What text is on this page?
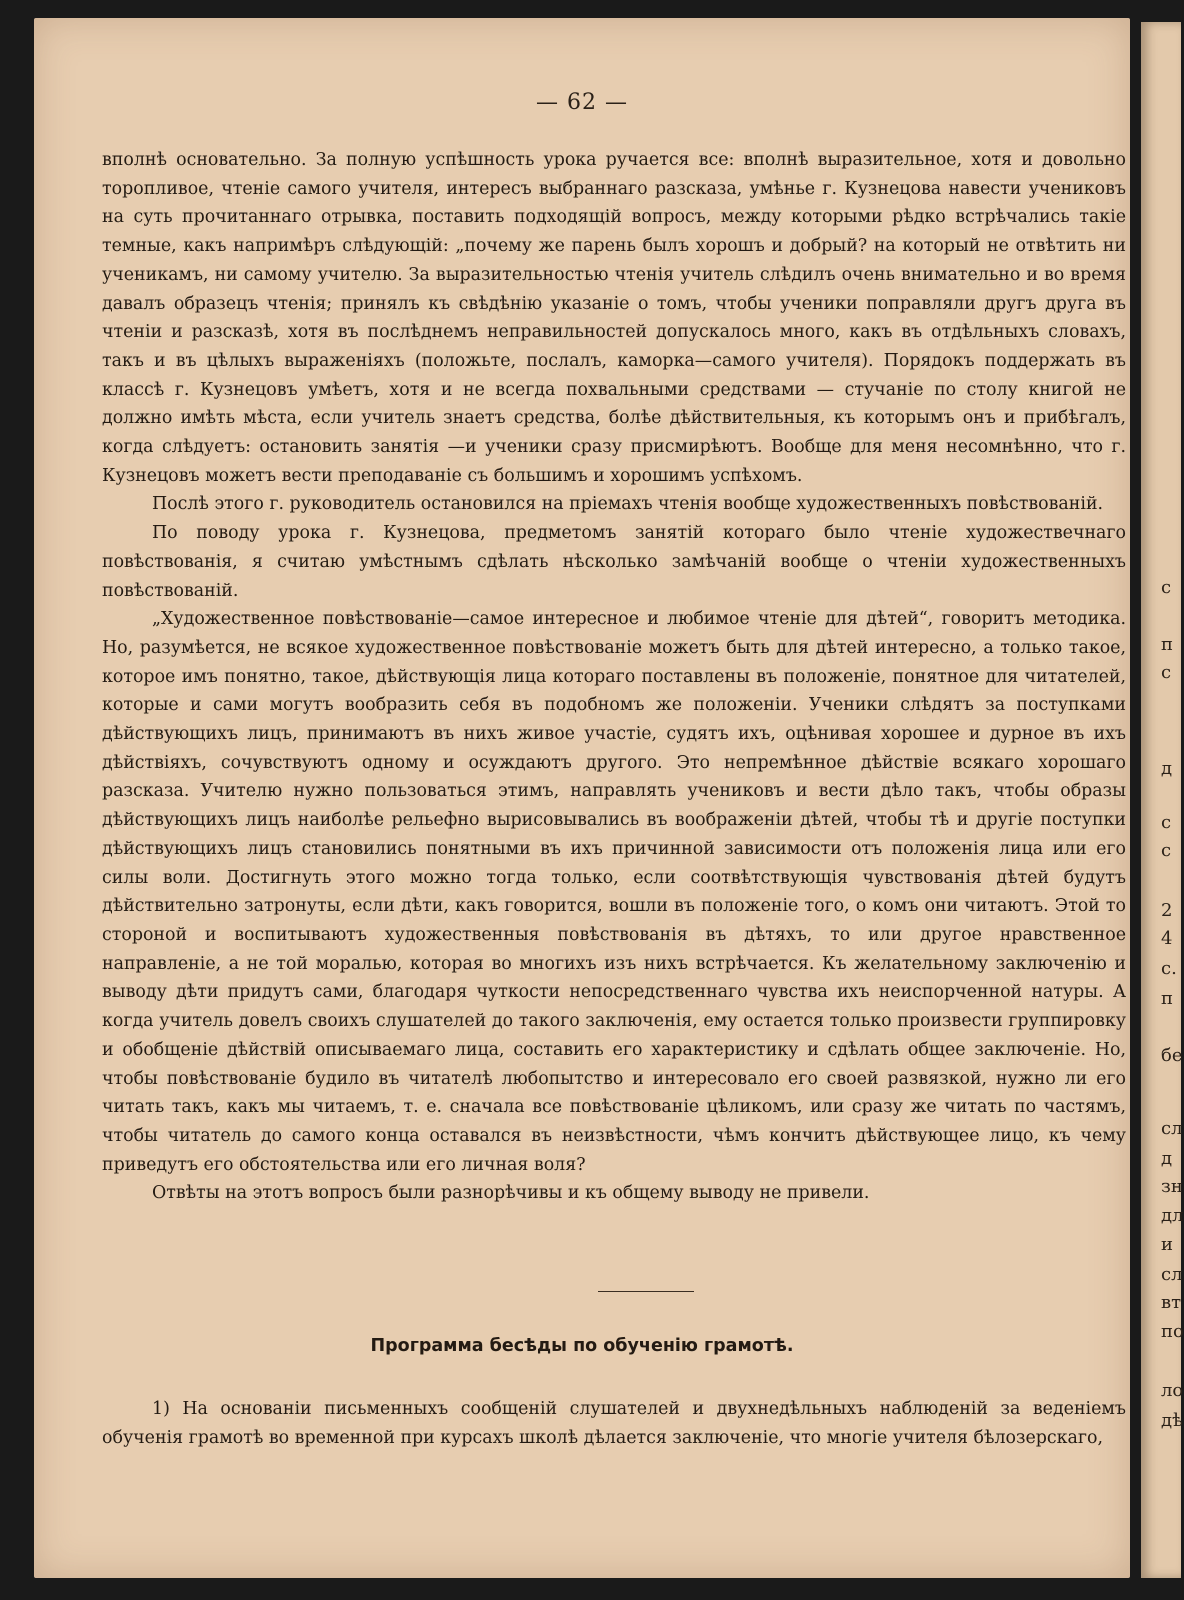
с
п
с
д
с
с
2
4
с.
п
бе
сл
д
зн
дл
и
сл
вт
по
ло
дѣ
— 62 —

вполнѣ основательно. За полную успѣшность урока ручается все: вполнѣ выразительное, хотя и довольно торопливое, чтеніе самого учителя, интересъ выбраннаго разсказа, умѣнье г. Кузнецова навести учениковъ на суть прочитаннаго отрывка, поставить подходящій вопросъ, между которыми рѣдко встрѣчались такіе темные, какъ напримѣръ слѣдующій: „почему же парень былъ хорошъ и добрый? на который не отвѣтить ни ученикамъ, ни самому учителю. За выразительностью чтенія учитель слѣдилъ очень внимательно и во время давалъ образецъ чтенія; принялъ къ свѣдѣнію указаніе о томъ, чтобы ученики поправляли другъ друга въ чтеніи и разсказѣ, хотя въ послѣднемъ неправильностей допускалось много, какъ въ отдѣльныхъ словахъ, такъ и въ цѣлыхъ выраженіяхъ (положьте, послалъ, каморка—самого учителя). Порядокъ поддержать въ классѣ г. Кузнецовъ умѣетъ, хотя и не всегда похвальными средствами — стучаніе по столу книгой не должно имѣть мѣста, если учитель знаетъ средства, болѣе дѣйствительныя, къ которымъ онъ и прибѣгалъ, когда слѣдуетъ: остановить занятія —и ученики сразу присмирѣютъ. Вообще для меня несомнѣнно, что г. Кузнецовъ можетъ вести преподаваніе съ большимъ и хорошимъ успѣхомъ.

Послѣ этого г. руководитель остановился на пріемахъ чтенія вообще художественныхъ повѣствованій.

По поводу урока г. Кузнецова, предметомъ занятій котораго было чтеніе художествечнаго повѣствованія, я считаю умѣстнымъ сдѣлать нѣсколько замѣчаній вообще о чтеніи художественныхъ повѣствованій.

„Художественное повѣствованіе—самое интересное и любимое чтеніе для дѣтей“, говоритъ методика. Но, разумѣется, не всякое художественное повѣствованіе можетъ быть для дѣтей интересно, а только такое, которое имъ понятно, такое, дѣйствующія лица котораго поставлены въ положеніе, понятное для читателей, которые и сами могутъ вообразить себя въ подобномъ же положеніи. Ученики слѣдятъ за поступками дѣйствующихъ лицъ, принимаютъ въ нихъ живое участіе, судятъ ихъ, оцѣнивая хорошее и дурное въ ихъ дѣйствіяхъ, сочувствуютъ одному и осуждаютъ другого. Это непремѣнное дѣйствіе всякаго хорошаго разсказа. Учителю нужно пользоваться этимъ, направлять учениковъ и вести дѣло такъ, чтобы образы дѣйствующихъ лицъ наиболѣе рельефно вырисовывались въ воображеніи дѣтей, чтобы тѣ и другіе поступки дѣйствующихъ лицъ становились понятными въ ихъ причинной зависимости отъ положенія лица или его силы воли. Достигнуть этого можно тогда только, если соотвѣтствующія чувствованія дѣтей будутъ дѣйствительно затронуты, если дѣти, какъ говорится, вошли въ положеніе того, о комъ они читаютъ. Этой то стороной и воспитываютъ художественныя повѣствованія въ дѣтяхъ, то или другое нравственное направленіе, а не той моралью, которая во многихъ изъ нихъ встрѣчается. Къ желательному заключенію и выводу дѣти придутъ сами, благодаря чуткости непосредственнаго чувства ихъ неиспорченной натуры. А когда учитель довелъ своихъ слушателей до такого заключенія, ему остается только произвести группировку и обобщеніе дѣйствій описываемаго лица, составить его характеристику и сдѣлать общее заключеніе. Но, чтобы повѣствованіе будило въ читателѣ любопытство и интересовало его своей развязкой, нужно ли его читать такъ, какъ мы читаемъ, т. е. сначала все повѣствованіе цѣликомъ, или сразу же читать по частямъ, чтобы читатель до самого конца оставался въ неизвѣстности, чѣмъ кончитъ дѣйствующее лицо, къ чему приведутъ его обстоятельства или его личная воля?

Отвѣты на этотъ вопросъ были разнорѣчивы и къ общему выводу не привели.

Программа бесѣды по обученію грамотѣ.

1) На основаніи письменныхъ сообщеній слушателей и двухнедѣльныхъ наблюденій за веденіемъ обученія грамотѣ во временной при курсахъ школѣ дѣлается заключеніе, что многіе учителя бѣлозерскаго,
